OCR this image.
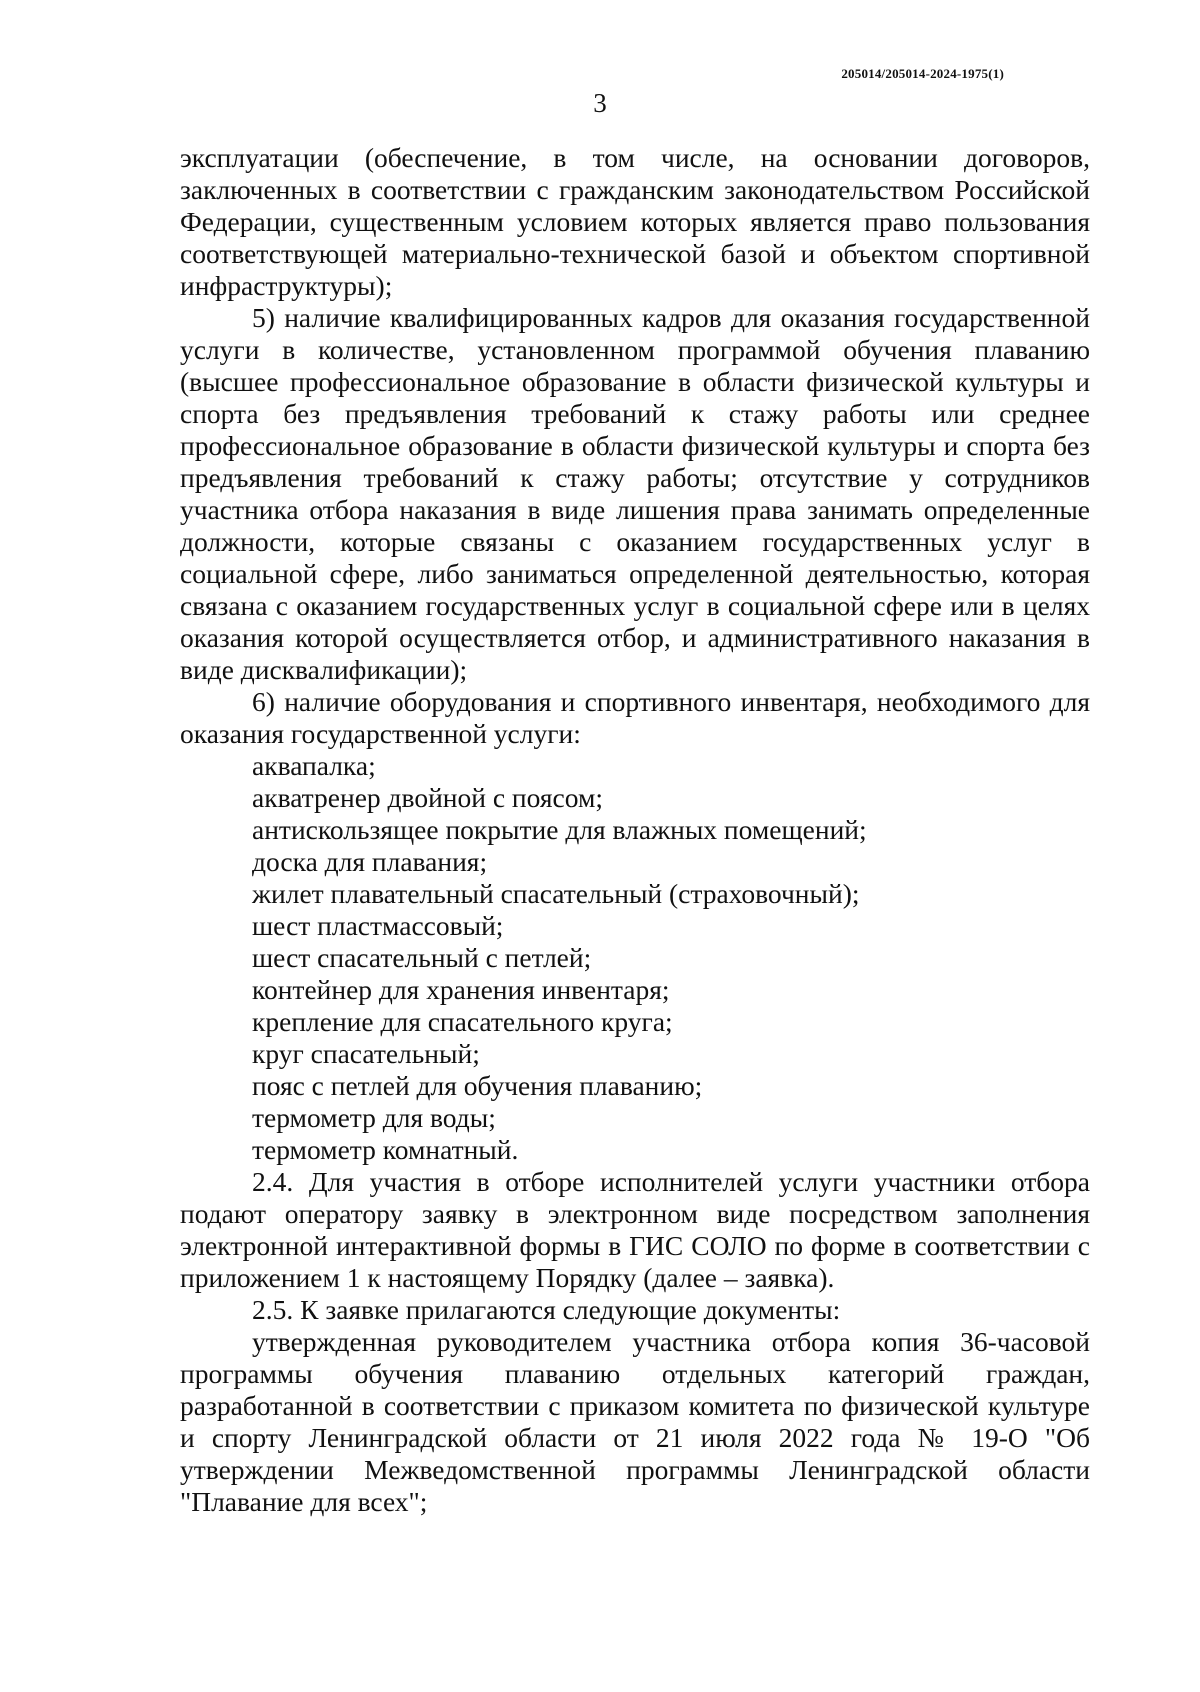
205014/205014-2024-1975(1)
3

эксплуатации (обеспечение, в том числе, на основании договоров, заключенных в соответствии с гражданским законодательством Российской Федерации, существенным условием которых является право пользования соответствующей материально-технической базой и объектом спортивной инфраструктуры);

5) наличие квалифицированных кадров для оказания государственной услуги в количестве, установленном программой обучения плаванию (высшее профессиональное образование в области физической культуры и спорта без предъявления требований к стажу работы или среднее профессиональное образование в области физической культуры и спорта без предъявления требований к стажу работы; отсутствие у сотрудников участника отбора наказания в виде лишения права занимать определенные должности, которые связаны с оказанием государственных услуг в социальной сфере, либо заниматься определенной деятельностью, которая связана с оказанием государственных услуг в социальной сфере или в целях оказания которой осуществляется отбор, и административного наказания в виде дисквалификации);

6) наличие оборудования и спортивного инвентаря, необходимого для оказания государственной услуги:

аквапалка;
акватренер двойной с поясом;
антискользящее покрытие для влажных помещений;
доска для плавания;
жилет плавательный спасательный (страховочный);
шест пластмассовый;
шест спасательный с петлей;
контейнер для хранения инвентаря;
крепление для спасательного круга;
круг спасательный;
пояс с петлей для обучения плаванию;
термометр для воды;
термометр комнатный.

2.4. Для участия в отборе исполнителей услуги участники отбора подают оператору заявку в электронном виде посредством заполнения электронной интерактивной формы в ГИС СОЛО по форме в соответствии с приложением 1 к настоящему Порядку (далее – заявка).

2.5. К заявке прилагаются следующие документы:

утвержденная руководителем участника отбора копия 36-часовой программы обучения плаванию отдельных категорий граждан, разработанной в соответствии с приказом комитета по физической культуре и спорту Ленинградской области от 21 июля 2022 года № 19-О "Об утверждении Межведомственной программы Ленинградской области "Плавание для всех";
